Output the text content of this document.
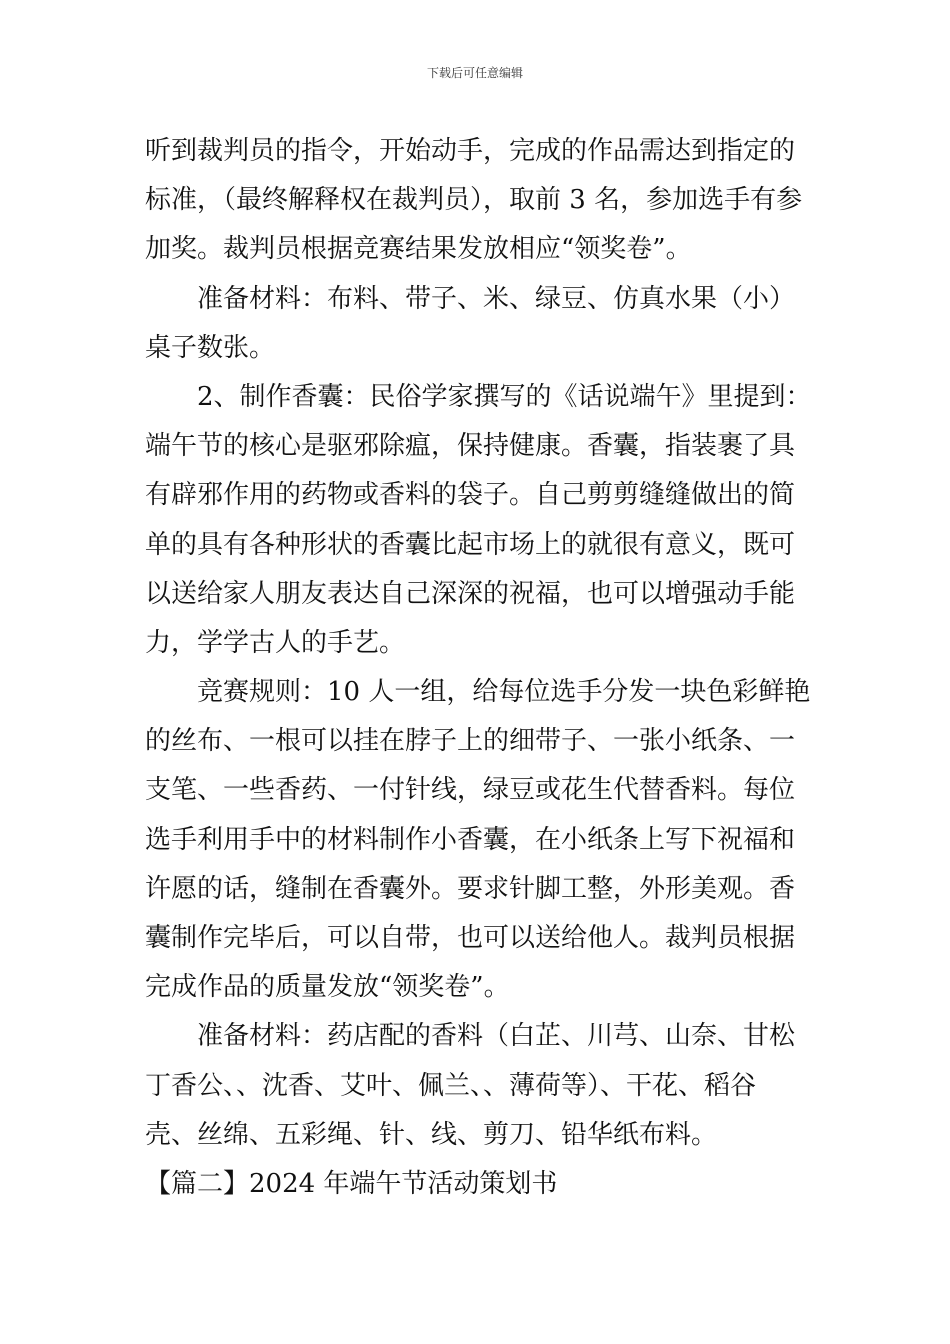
下载后可任意编辑
听到裁判员的指令，开始动手，完成的作品需达到指定的
标准，（最终解释权在裁判员），取前 3 名，参加选手有参
加奖。裁判员根据竞赛结果发放相应“领奖卷”。
准备材料：布料、带子、米、绿豆、仿真水果（小）
桌子数张。
2、制作香囊：民俗学家撰写的《话说端午》里提到：
端午节的核心是驱邪除瘟，保持健康。香囊，指装裹了具
有辟邪作用的药物或香料的袋子。自己剪剪缝缝做出的简
单的具有各种形状的香囊比起市场上的就很有意义，既可
以送给家人朋友表达自己深深的祝福，也可以增强动手能
力，学学古人的手艺。
竞赛规则：10 人一组，给每位选手分发一块色彩鲜艳
的丝布、一根可以挂在脖子上的细带子、一张小纸条、一
支笔、一些香药、一付针线，绿豆或花生代替香料。每位
选手利用手中的材料制作小香囊，在小纸条上写下祝福和
许愿的话，缝制在香囊外。要求针脚工整，外形美观。香
囊制作完毕后，可以自带，也可以送给他人。裁判员根据
完成作品的质量发放“领奖卷”。
准备材料：药店配的香料（白芷、川芎、山奈、甘松
丁香公、、沈香、艾叶、佩兰、、薄荷等）、干花、稻谷
壳、丝绵、五彩绳、针、线、剪刀、铅华纸布料。
【篇二】2024 年端午节活动策划书
